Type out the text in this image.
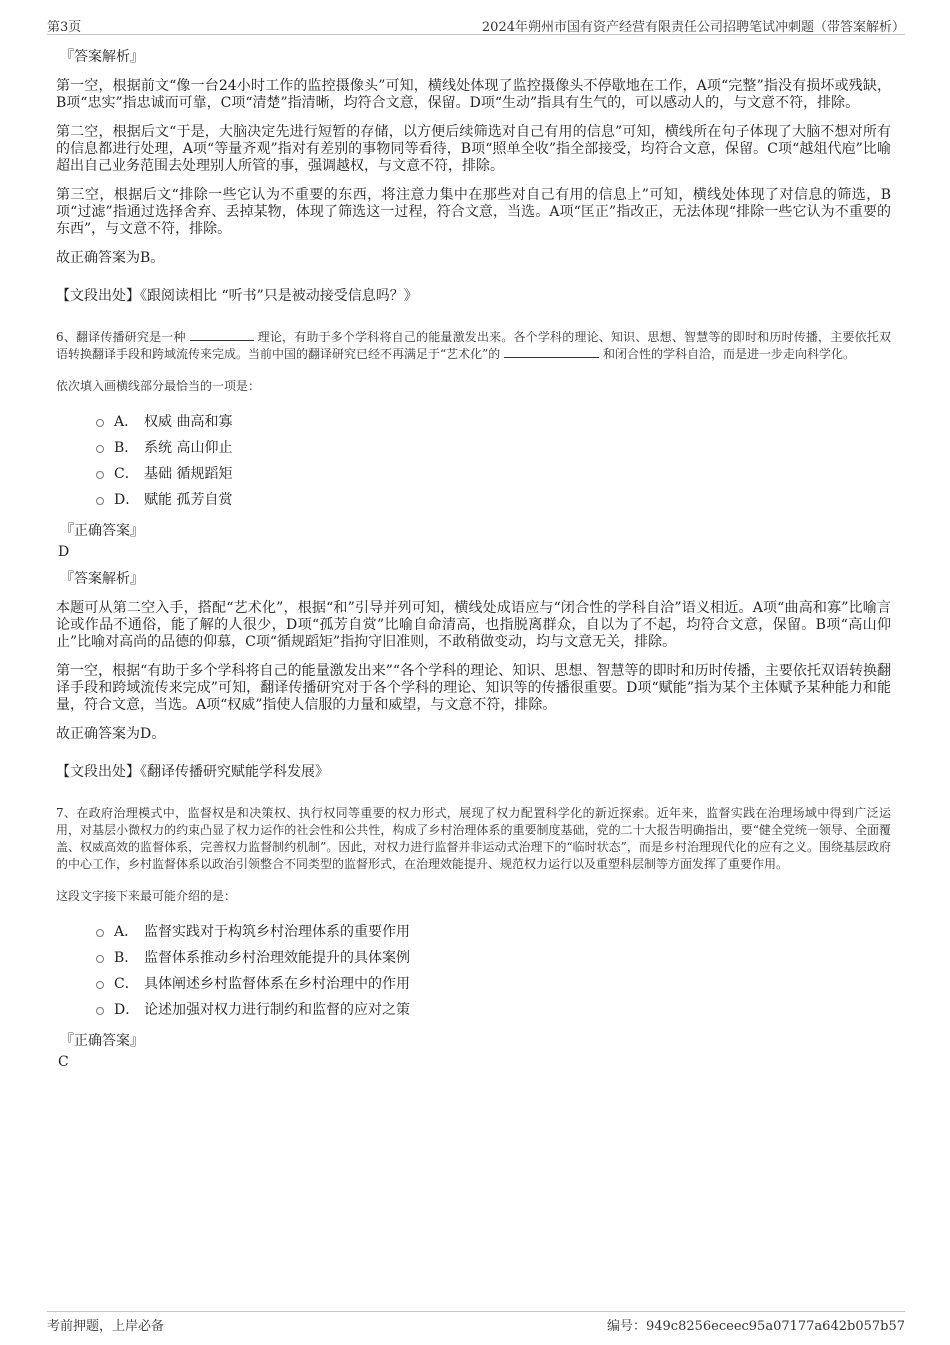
第3页	2024年朔州市国有资产经营有限责任公司招聘笔试冲刺题（带答案解析）
『答案解析』

第一空，根据前文“像一台24小时工作的监控摄像头”可知，横线处体现了监控摄像头不停歇地在工作，A项“完整”指没有损坏或残缺，B项“忠实”指忠诚而可靠，C项“清楚”指清晰，均符合文意，保留。D项“生动”指具有生气的，可以感动人的，与文意不符，排除。

第二空，根据后文“于是，大脑决定先进行短暂的存储，以方便后续筛选对自己有用的信息”可知，横线所在句子体现了大脑不想对所有的信息都进行处理，A项“等量齐观”指对有差别的事物同等看待，B项“照单全收”指全部接受，均符合文意，保留。C项“越俎代庖”比喻超出自己业务范围去处理别人所管的事，强调越权，与文意不符，排除。

第三空，根据后文“排除一些它认为不重要的东西，将注意力集中在那些对自己有用的信息上”可知，横线处体现了对信息的筛选，B项“过滤”指通过选择舍弃、丢掉某物，体现了筛选这一过程，符合文意，当选。A项“匡正”指改正，无法体现“排除一些它认为不重要的东西”，与文意不符，排除。

故正确答案为B。

【文段出处】《跟阅读相比 “听书”只是被动接受信息吗？》

6、翻译传播研究是一种	理论，有助于多个学科将自己的能量激发出来。各个学科的理论、知识、思想、智慧等的即时和历时传播，主要依托双语转换翻译手段和跨域流传来完成。当前中国的翻译研究已经不再满足于“艺术化”的	和闭合性的学科自洽，而是进一步走向科学化。

依次填入画横线部分最恰当的一项是：

A． 权威 曲高和寡
B． 系统 高山仰止
C． 基础 循规蹈矩
D． 赋能 孤芳自赏
『正确答案』
D
『答案解析』

本题可从第二空入手，搭配“艺术化”，根据“和”引导并列可知，横线处成语应与“闭合性的学科自洽”语义相近。A项“曲高和寡”比喻言论或作品不通俗，能了解的人很少，D项“孤芳自赏”比喻自命清高，也指脱离群众，自以为了不起，均符合文意，保留。B项“高山仰止”比喻对高尚的品德的仰慕，C项“循规蹈矩”指拘守旧准则，不敢稍做变动，均与文意无关，排除。

第一空，根据“有助于多个学科将自己的能量激发出来”“各个学科的理论、知识、思想、智慧等的即时和历时传播，主要依托双语转换翻译手段和跨域流传来完成”可知，翻译传播研究对于各个学科的理论、知识等的传播很重要。D项“赋能”指为某个主体赋予某种能力和能量，符合文意，当选。A项“权威”指使人信服的力量和威望，与文意不符，排除。

故正确答案为D。

【文段出处】《翻译传播研究赋能学科发展》

7、在政府治理模式中，监督权是和决策权、执行权同等重要的权力形式，展现了权力配置科学化的新近探索。近年来，监督实践在治理场域中得到广泛运用，对基层小微权力的约束凸显了权力运作的社会性和公共性，构成了乡村治理体系的重要制度基础，党的二十大报告明确指出，要“健全党统一领导、全面覆盖、权威高效的监督体系，完善权力监督制约机制”。因此，对权力进行监督并非运动式治理下的“临时状态”，而是乡村治理现代化的应有之义。围绕基层政府的中心工作，乡村监督体系以政治引领整合不同类型的监督形式，在治理效能提升、规范权力运行以及重塑科层制等方面发挥了重要作用。

这段文字接下来最可能介绍的是：

A． 监督实践对于构筑乡村治理体系的重要作用
B． 监督体系推动乡村治理效能提升的具体案例
C． 具体阐述乡村监督体系在乡村治理中的作用
D． 论述加强对权力进行制约和监督的应对之策
『正确答案』
C
考前押题，上岸必备	编号：949c8256eceec95a07177a642b057b57
